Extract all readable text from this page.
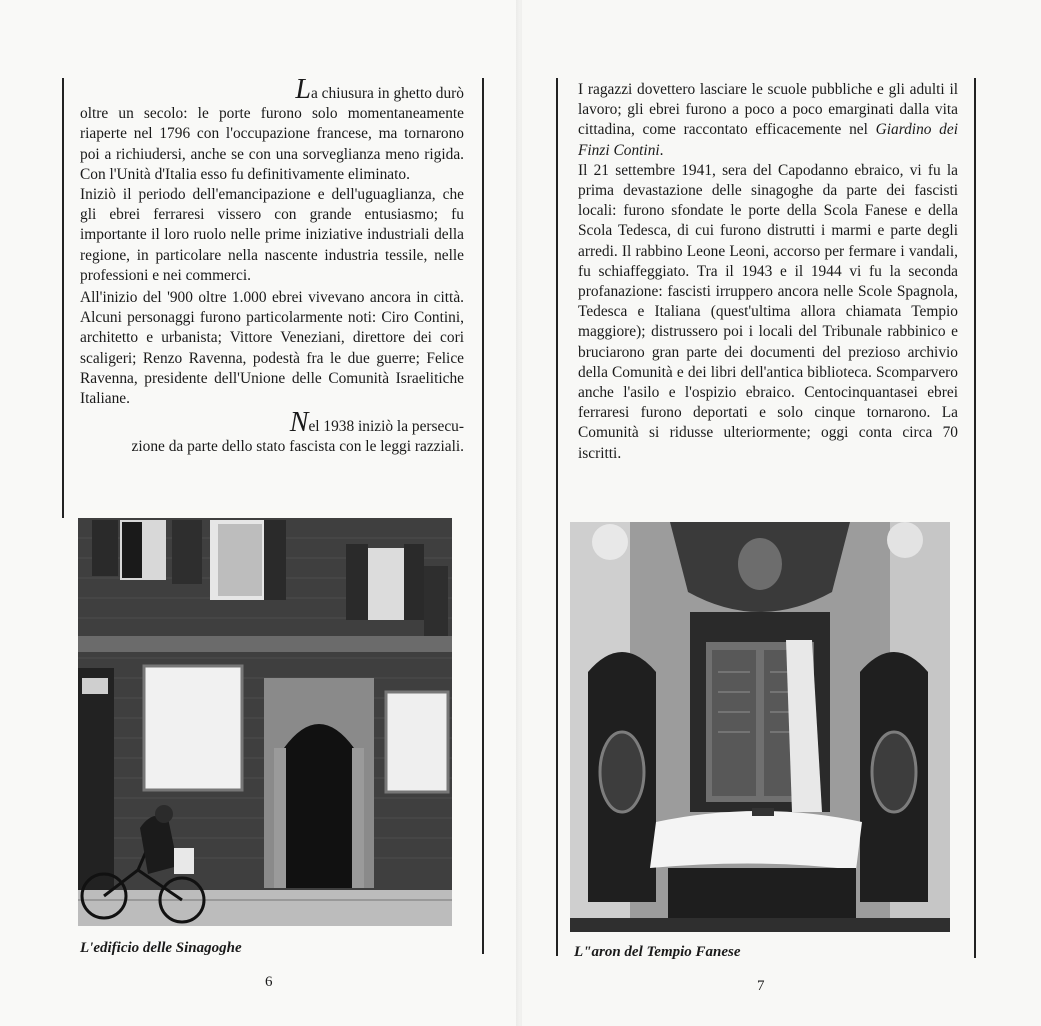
La chiusura in ghetto durò
oltre un secolo: le porte furono solo momentaneamente riaperte nel 1796 con l'occupazione francese, ma tornarono poi a richiudersi, anche se con una sorveglianza meno rigida. Con l'Unità d'Italia esso fu definitivamente eliminato.

Iniziò il periodo dell'emancipazione e dell'uguaglianza, che gli ebrei ferraresi vissero con grande entusiasmo; fu importante il loro ruolo nelle prime iniziative industriali della regione, in particolare nella nascente industria tessile, nelle professioni e nei commerci.

All'inizio del '900 oltre 1.000 ebrei vivevano ancora in città. Alcuni personaggi furono particolarmente noti: Ciro Contini, architetto e urbanista; Vittore Veneziani, direttore dei cori scaligeri; Renzo Ravenna, podestà fra le due guerre; Felice Ravenna, presidente dell'Unione delle Comunità Israelitiche Italiane.

Nel 1938 iniziò la persecu-
zione da parte dello stato fascista con le leggi razziali.

L'edificio delle Sinagoghe
6

I ragazzi dovettero lasciare le scuole pubbliche e gli adulti il lavoro; gli ebrei furono a poco a poco emarginati dalla vita cittadina, come raccontato efficacemente nel Giardino dei Finzi Contini.

Il 21 settembre 1941, sera del Capodanno ebraico, vi fu la prima devastazione delle sinagoghe da parte dei fascisti locali: furono sfondate le porte della Scola Fanese e della Scola Tedesca, di cui furono distrutti i marmi e parte degli arredi. Il rabbino Leone Leoni, accorso per fermare i vandali, fu schiaffeggiato. Tra il 1943 e il 1944 vi fu la seconda profanazione: fascisti irruppero ancora nelle Scole Spagnola, Tedesca e Italiana (quest'ultima allora chiamata Tempio maggiore); distrussero poi i locali del Tribunale rabbinico e bruciarono gran parte dei documenti del prezioso archivio della Comunità e dei libri dell'antica biblioteca. Scomparvero anche l'asilo e l'ospizio ebraico. Centocinquantasei ebrei ferraresi furono deportati e solo cinque tornarono. La Comunità si ridusse ulteriormente; oggi conta circa 70 iscritti.

L"aron del Tempio Fanese
7
